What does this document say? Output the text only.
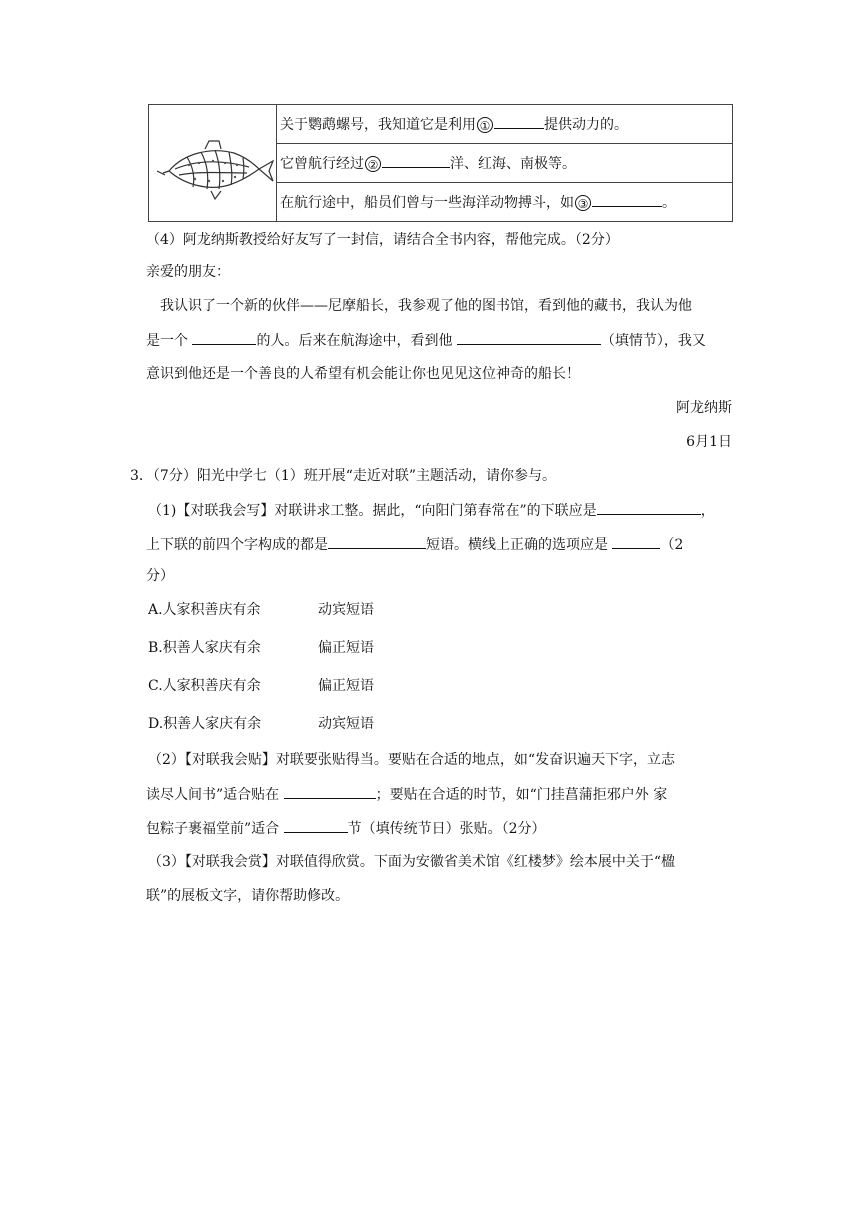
	关于鹦鹉螺号，我知道它是利用 ①	提供动力的。
它曾航行经过 ②	洋、红海、南极等。
在航行途中，船员们曾与一些海洋动物搏斗，如 ③	。
（4）阿龙纳斯教授给好友写了一封信，请结合全书内容，帮他完成。（2分）
亲爱的朋友：
我认识了一个新的伙伴——尼摩船长，我参观了他的图书馆，看到他的藏书，我认为他
是一个	的人。后来在航海途中，看到他	（填情节），我又
意识到他还是一个善良的人希望有机会能让你也见见这位神奇的船长！
阿龙纳斯
6月1日
3．（7分）阳光中学七（1）班开展“走近对联”主题活动，请你参与。
（1)【对联我会写】对联讲求工整。据此，“向阳门第春常在”的下联应是	，
上下联的前四个字构成的都是	短语。横线上正确的选项应是	（2
分）
A.人家积善庆有余	动宾短语
B.积善人家庆有余	偏正短语
C.人家积善庆有余	偏正短语
D.积善人家庆有余	动宾短语
（2）【对联我会贴】对联要张贴得当。要贴在合适的地点，如“发奋识遍天下字，立志
读尽人间书”适合贴在	；要贴在合适的时节，如“门挂菖蒲拒邪户外 家
包粽子裹福堂前”适合	节（填传统节日）张贴。（2分）
（3）【对联我会赏】对联值得欣赏。下面为安徽省美术馆《红楼梦》绘本展中关于“楹
联”的展板文字，请你帮助修改。
